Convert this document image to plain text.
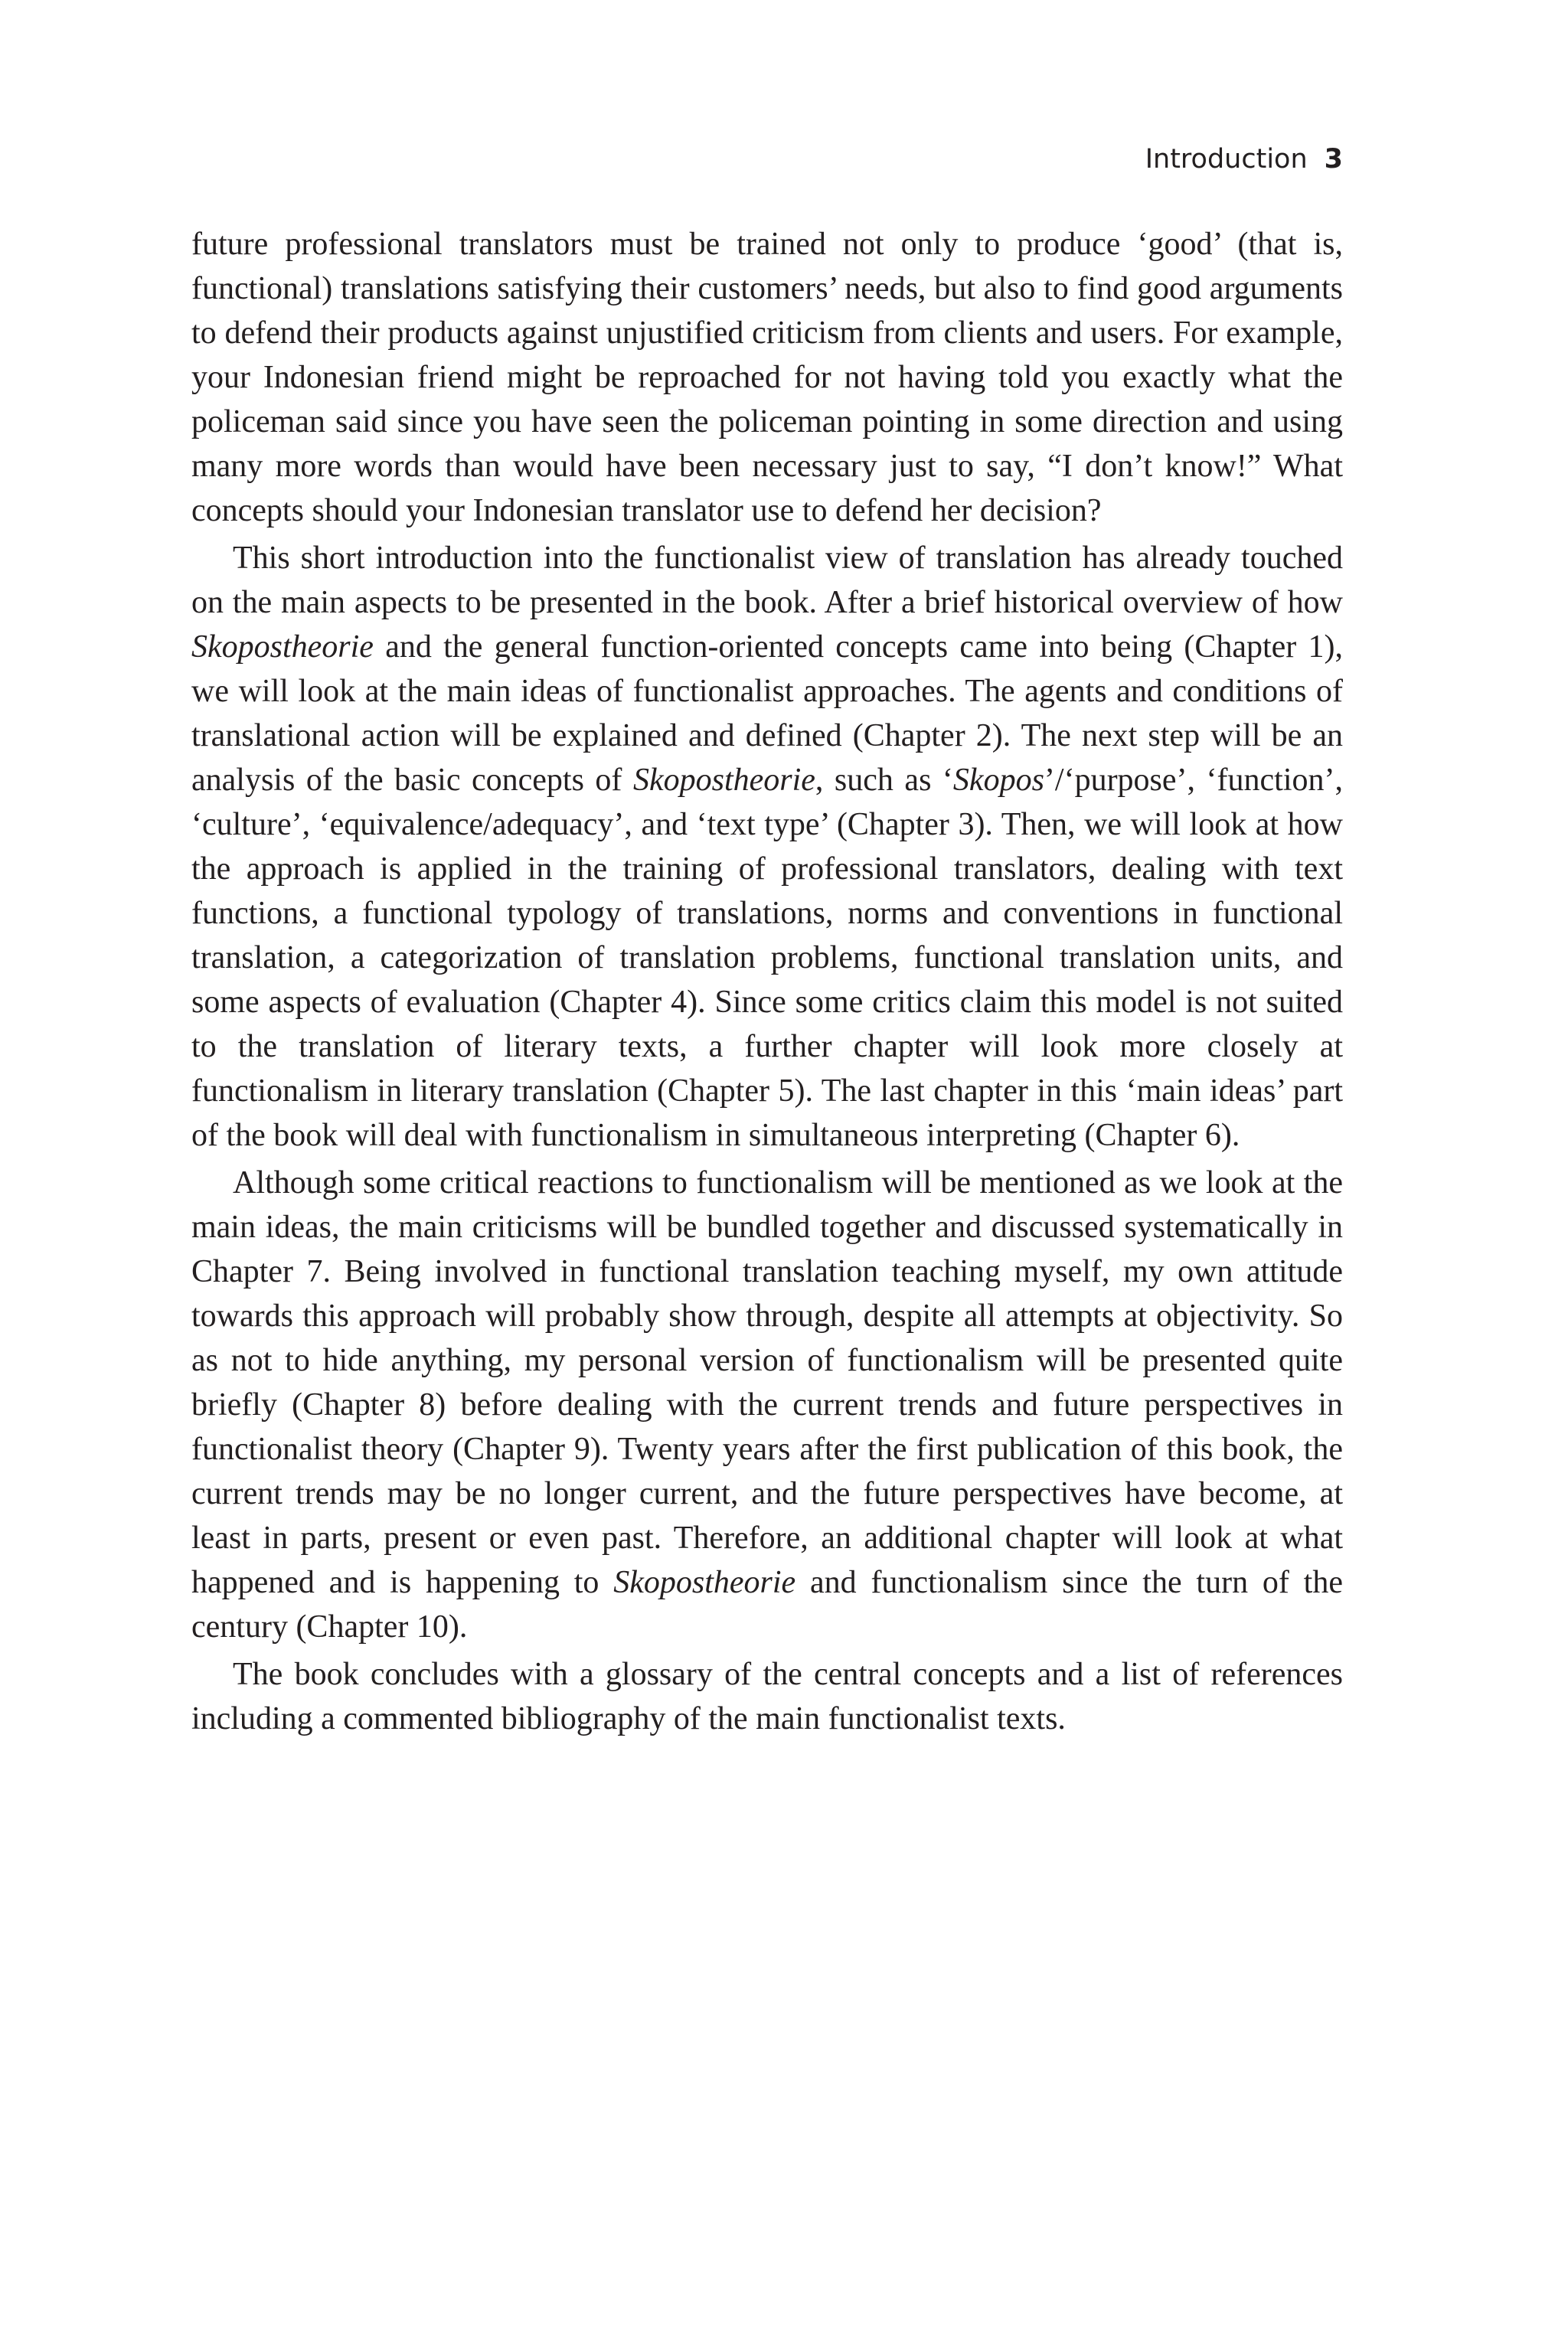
Introduction 3

future professional translators must be trained not only to produce ‘good’ (that is, functional) translations satisfying their customers’ needs, but also to find good arguments to defend their products against unjustified criticism from clients and users. For example, your Indonesian friend might be reproached for not having told you exactly what the policeman said since you have seen the policeman pointing in some direction and using many more words than would have been necessary just to say, “I don’t know!” What concepts should your Indonesian translator use to defend her decision?

This short introduction into the functionalist view of translation has already touched on the main aspects to be presented in the book. After a brief historical overview of how Skopostheorie and the general function-oriented concepts came into being (Chapter 1), we will look at the main ideas of functionalist approaches. The agents and conditions of translational action will be explained and defined (Chapter 2). The next step will be an analysis of the basic concepts of Skopostheorie, such as ‘Skopos’/‘purpose’, ‘function’, ‘culture’, ‘equivalence/adequacy’, and ‘text type’ (Chapter 3). Then, we will look at how the approach is applied in the training of professional translators, dealing with text functions, a functional typology of translations, norms and conventions in functional translation, a categorization of translation problems, functional translation units, and some aspects of evaluation (Chapter 4). Since some critics claim this model is not suited to the translation of literary texts, a further chapter will look more closely at functionalism in literary translation (Chapter 5). The last chapter in this ‘main ideas’ part of the book will deal with functionalism in simultaneous interpreting (Chapter 6).

Although some critical reactions to functionalism will be mentioned as we look at the main ideas, the main criticisms will be bundled together and discussed systematically in Chapter 7. Being involved in functional translation teaching myself, my own attitude towards this approach will probably show through, despite all attempts at objectivity. So as not to hide anything, my personal version of functionalism will be presented quite briefly (Chapter 8) before dealing with the current trends and future perspectives in functionalist theory (Chapter 9). Twenty years after the first publication of this book, the current trends may be no longer current, and the future perspectives have become, at least in parts, present or even past. Therefore, an additional chapter will look at what happened and is happening to Skopostheorie and functionalism since the turn of the century (Chapter 10).

The book concludes with a glossary of the central concepts and a list of references including a commented bibliography of the main functionalist texts.
